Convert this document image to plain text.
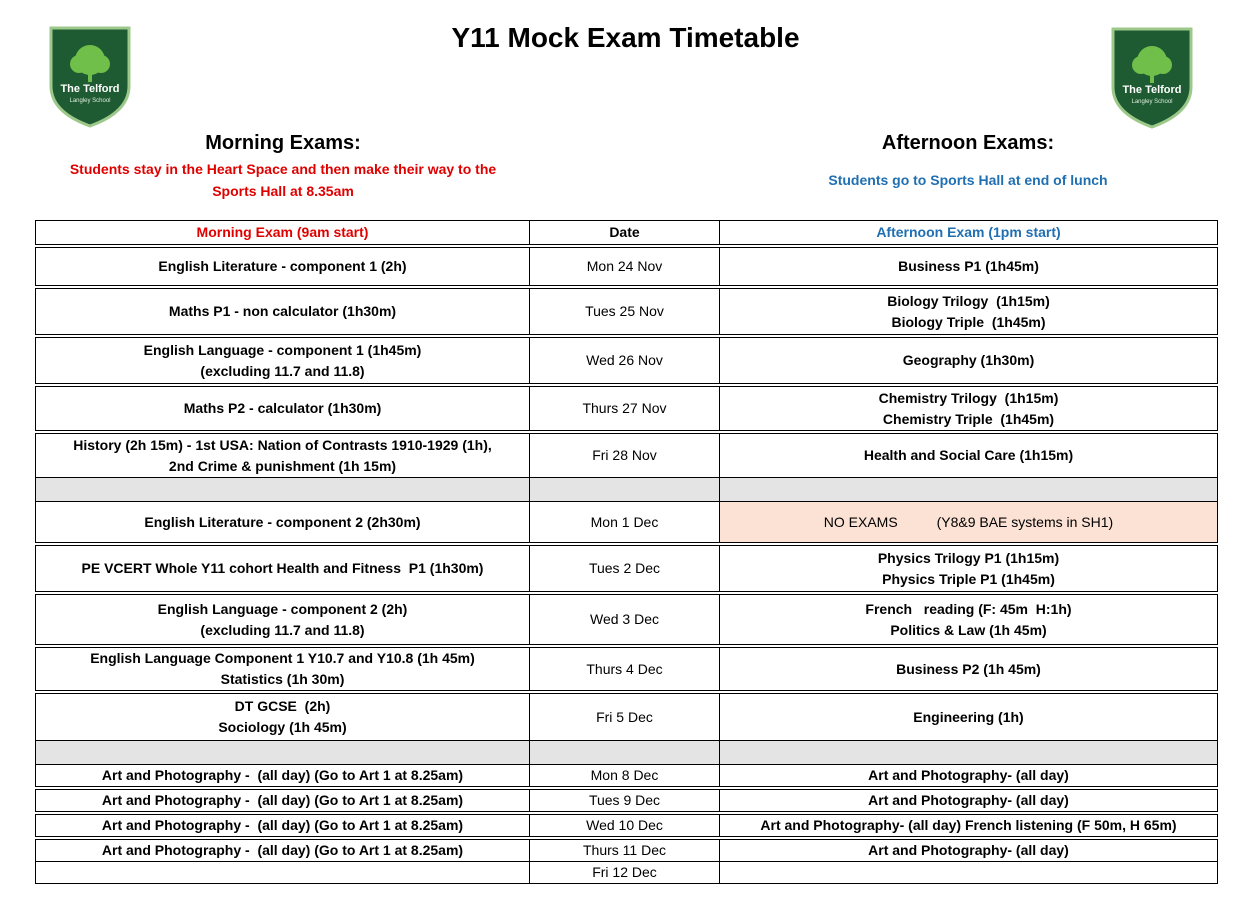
The Telford
Langley School
The Telford
Langley School
Y11 Mock Exam Timetable
Morning Exams:
Students stay in the Heart Space and then make their way to the
Sports Hall at 8.35am
Afternoon Exams:
Students go to Sports Hall at end of lunch
Morning Exam (9am start)	Date	Afternoon Exam (1pm start)

English Literature - component 1 (2h)	Mon 24 Nov	Business P1 (1h45m)

Maths P1 - non calculator (1h30m)	Tues 25 Nov	Biology Trilogy  (1h15m)
Biology Triple  (1h45m)

English Language - component 1 (1h45m)
(excluding 11.7 and 11.8)	Wed 26 Nov	Geography (1h30m)

Maths P2 - calculator (1h30m)	Thurs 27 Nov	Chemistry Trilogy  (1h15m)
Chemistry Triple  (1h45m)

History (2h 15m) - 1st USA: Nation of Contrasts 1910-1929 (1h),
2nd Crime & punishment (1h 15m)	Fri 28 Nov	Health and Social Care (1h15m)

English Literature - component 2 (2h30m)	Mon 1 Dec	NO EXAMS          (Y8&9 BAE systems in SH1)

PE VCERT Whole Y11 cohort Health and Fitness  P1 (1h30m)	Tues 2 Dec	Physics Trilogy P1 (1h15m)
Physics Triple P1 (1h45m)

English Language - component 2 (2h)
(excluding 11.7 and 11.8)	Wed 3 Dec	French   reading (F: 45m  H:1h)
Politics & Law (1h 45m)

English Language Component 1 Y10.7 and Y10.8 (1h 45m)
Statistics (1h 30m)	Thurs 4 Dec	Business P2 (1h 45m)

DT GCSE  (2h)
Sociology (1h 45m)	Fri 5 Dec	Engineering (1h)

Art and Photography -  (all day) (Go to Art 1 at 8.25am)	Mon 8 Dec	Art and Photography- (all day)

Art and Photography -  (all day) (Go to Art 1 at 8.25am)	Tues 9 Dec	Art and Photography- (all day)

Art and Photography -  (all day) (Go to Art 1 at 8.25am)	Wed 10 Dec	Art and Photography- (all day) French listening (F 50m, H 65m)

Art and Photography -  (all day) (Go to Art 1 at 8.25am)	Thurs 11 Dec	Art and Photography- (all day)

	Fri 12 Dec	
